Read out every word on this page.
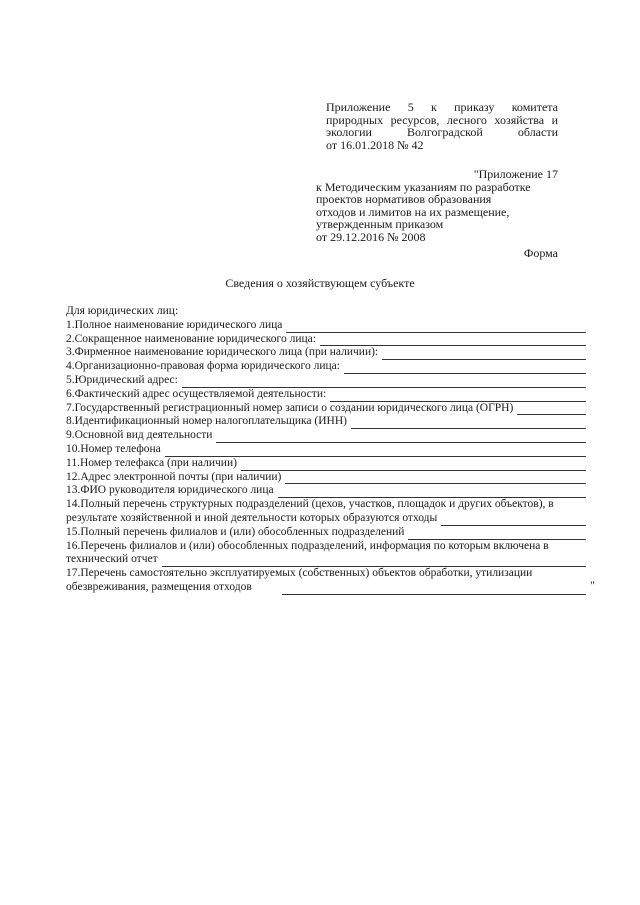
Приложение 5 к приказу комитета
природных ресурсов, лесного хозяйства и
экологии Волгоградской области
от 16.01.2018 № 42
"Приложение 17
к Методическим указаниям по разработке
проектов нормативов образования
отходов и лимитов на их размещение,
утвержденным приказом
от 29.12.2016 № 2008
Форма
Сведения о хозяйствующем субъекте
Для юридических лиц:
1.Полное наименование юридического лица
2.Сокращенное наименование юридического лица:
3.Фирменное наименование юридического лица (при наличии):
4.Организационно-правовая форма юридического лица:
5.Юридический адрес:
6.Фактический адрес осуществляемой деятельности:
7.Государственный регистрационный номер записи о создании юридического лица (ОГРН)
8.Идентификационный номер налогоплательщика (ИНН)
9.Основной вид деятельности
10.Номер телефона
11.Номер телефакса (при наличии)
12.Адрес электронной почты (при наличии)
13.ФИО руководителя юридического лица
14.Полный перечень структурных подразделений (цехов, участков, площадок и других объектов), в
результате хозяйственной и иной деятельности которых образуются отходы
15.Полный перечень филиалов и (или) обособленных подразделений
16.Перечень филиалов и (или) обособленных подразделений, информация по которым включена в
технический отчет
17.Перечень самостоятельно эксплуатируемых (собственных) объектов обработки, утилизации
обезвреживания, размещения отходов	"
